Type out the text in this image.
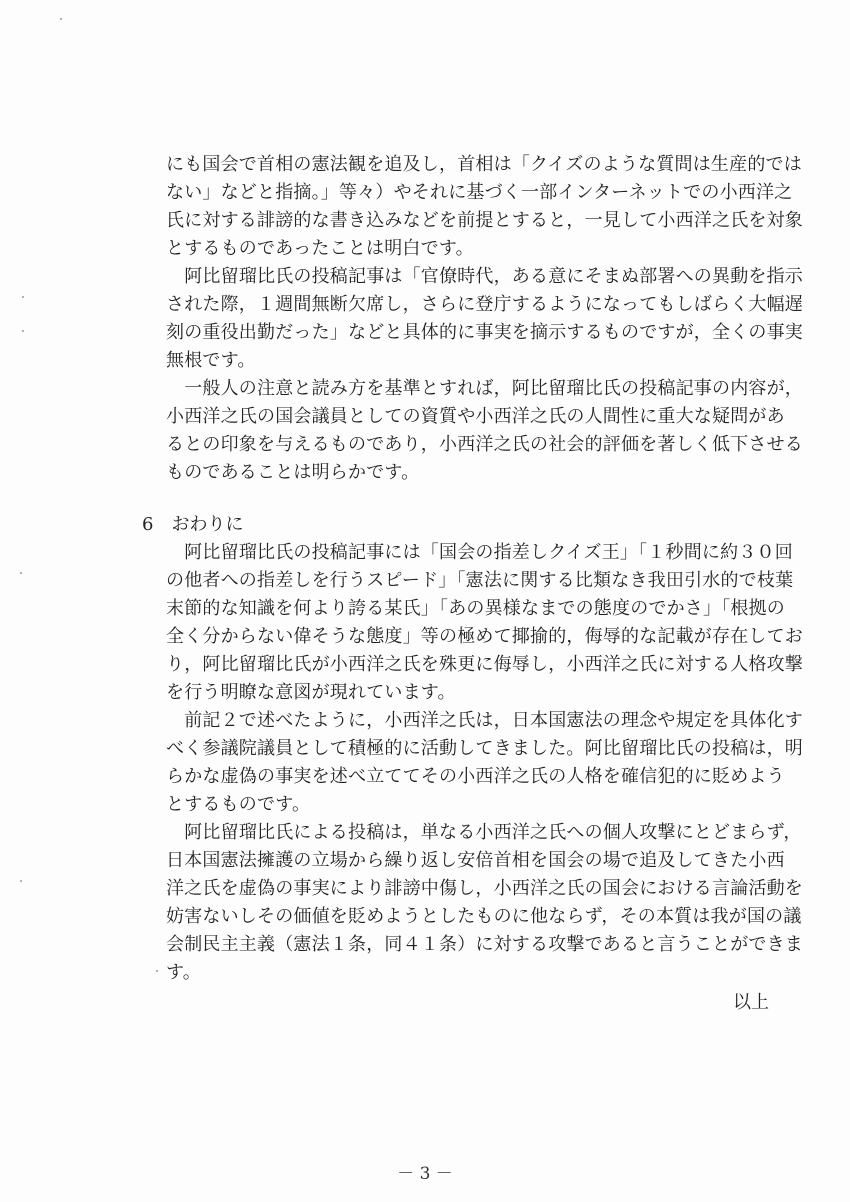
にも国会で首相の憲法観を追及し，首相は「クイズのような質問は生産的では
ない」などと指摘。」等々）やそれに基づく一部インターネットでの小西洋之
氏に対する誹謗的な書き込みなどを前提とすると，一見して小西洋之氏を対象
とするものであったことは明白です。
　阿比留瑠比氏の投稿記事は「官僚時代，ある意にそまぬ部署への異動を指示
された際，１週間無断欠席し，さらに登庁するようになってもしばらく大幅遅
刻の重役出勤だった」などと具体的に事実を摘示するものですが，全くの事実
無根です。
　一般人の注意と読み方を基準とすれば，阿比留瑠比氏の投稿記事の内容が，
小西洋之氏の国会議員としての資質や小西洋之氏の人間性に重大な疑問があ
るとの印象を与えるものであり，小西洋之氏の社会的評価を著しく低下させる
ものであることは明らかです。
6　おわりに
　阿比留瑠比氏の投稿記事には「国会の指差しクイズ王」「１秒間に約３０回
の他者への指差しを行うスピード」「憲法に関する比類なき我田引水的で枝葉
末節的な知識を何より誇る某氏」「あの異様なまでの態度のでかさ」「根拠の
全く分からない偉そうな態度」等の極めて揶揄的，侮辱的な記載が存在してお
り，阿比留瑠比氏が小西洋之氏を殊更に侮辱し，小西洋之氏に対する人格攻撃
を行う明瞭な意図が現れています。
　前記２で述べたように，小西洋之氏は，日本国憲法の理念や規定を具体化す
べく参議院議員として積極的に活動してきました。阿比留瑠比氏の投稿は，明
らかな虚偽の事実を述べ立ててその小西洋之氏の人格を確信犯的に貶めよう
とするものです。
　阿比留瑠比氏による投稿は，単なる小西洋之氏への個人攻撃にとどまらず，
日本国憲法擁護の立場から繰り返し安倍首相を国会の場で追及してきた小西
洋之氏を虚偽の事実により誹謗中傷し，小西洋之氏の国会における言論活動を
妨害ないしその価値を貶めようとしたものに他ならず，その本質は我が国の議
会制民主主義（憲法１条，同４１条）に対する攻撃であると言うことができま
す。
以上
－ 3 －
